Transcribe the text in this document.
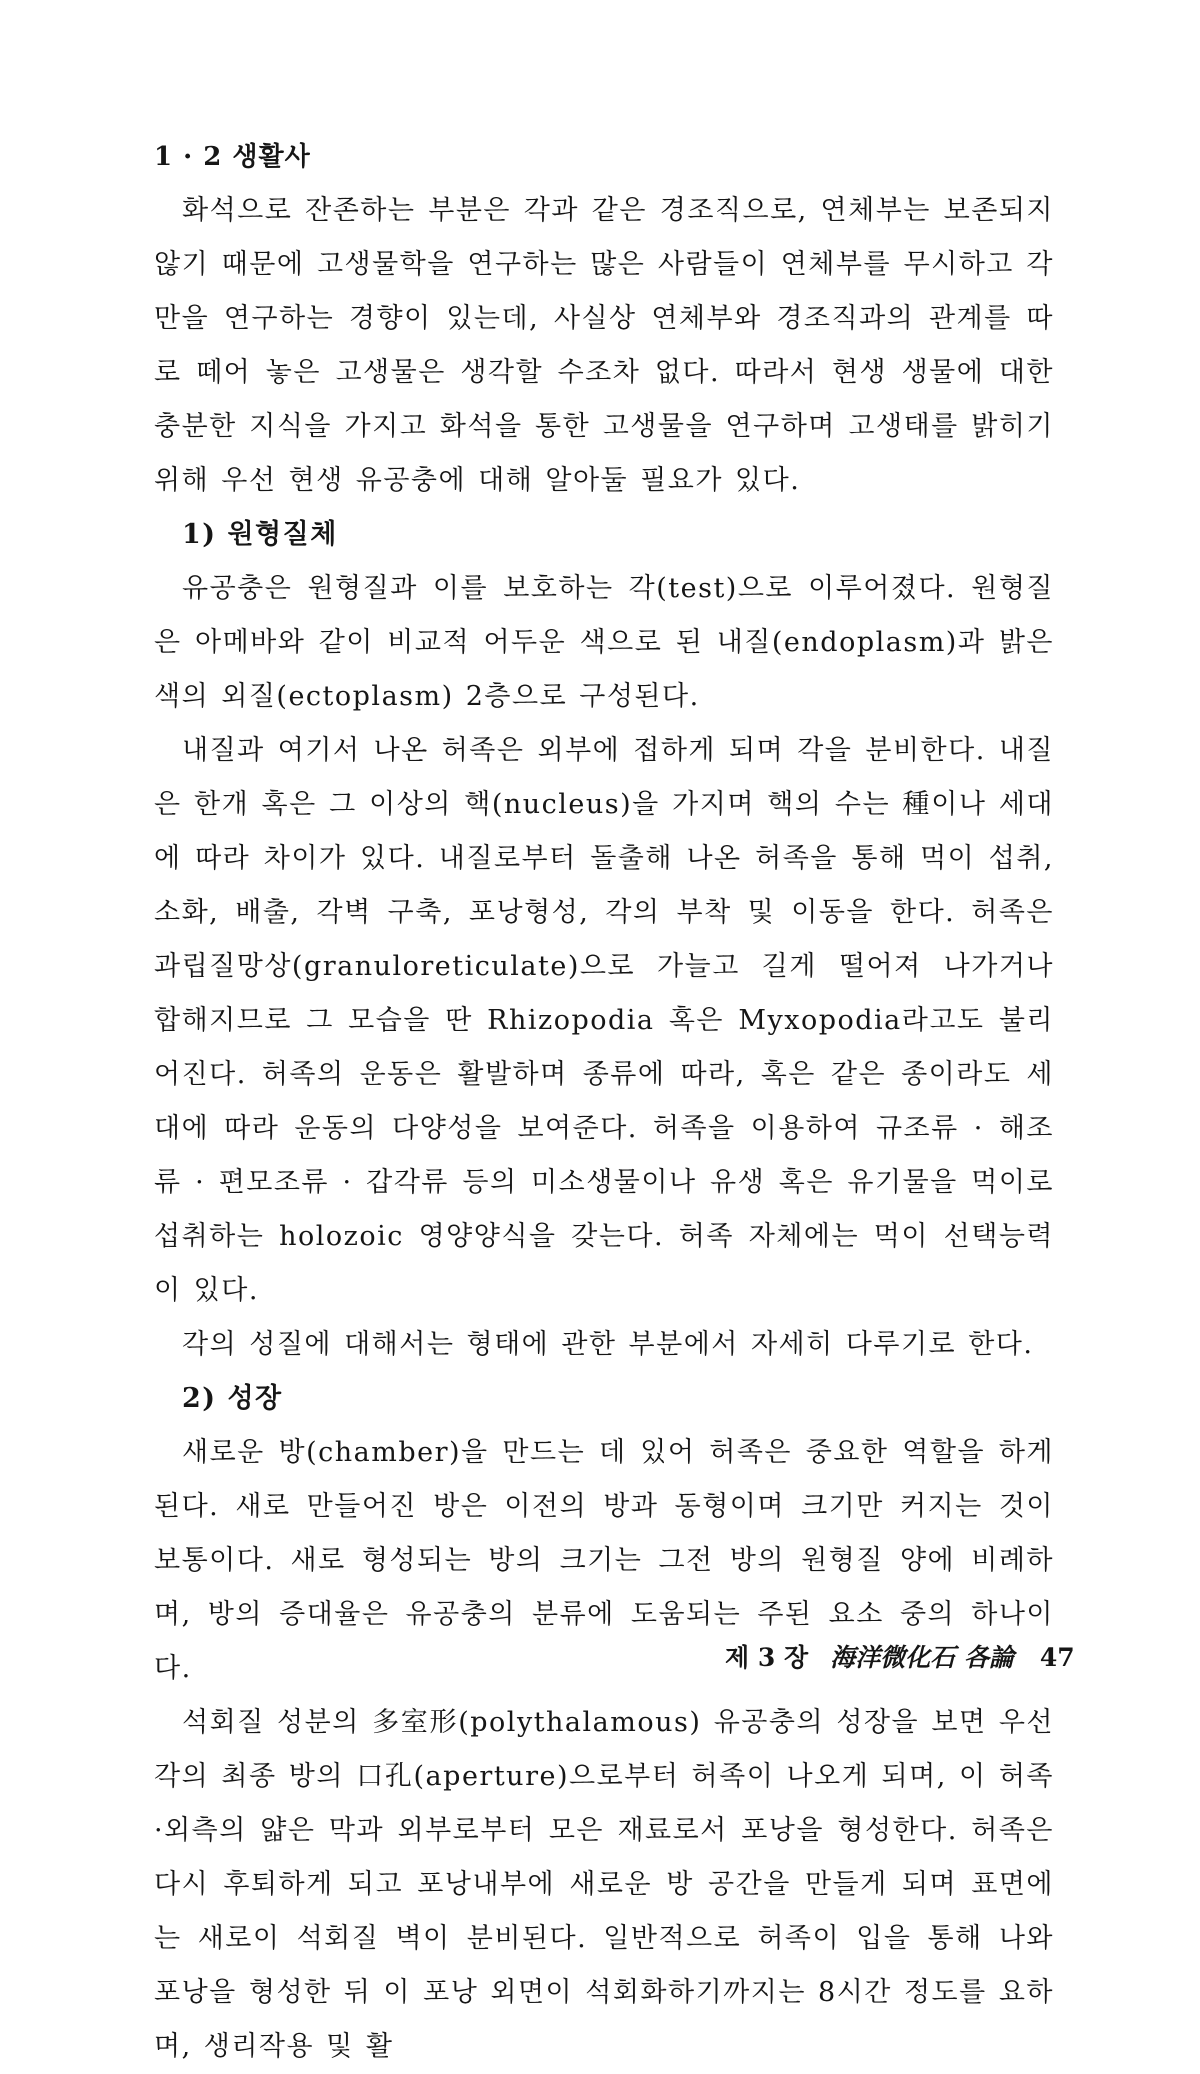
1 · 2 생활사

화석으로 잔존하는 부분은 각과 같은 경조직으로, 연체부는 보존되지 않기 때문에 고생물학을 연구하는 많은 사람들이 연체부를 무시하고 각만을 연구하는 경향이 있는데, 사실상 연체부와 경조직과의 관계를 따로 떼어 놓은 고생물은 생각할 수조차 없다. 따라서 현생 생물에 대한 충분한 지식을 가지고 화석을 통한 고생물을 연구하며 고생태를 밝히기 위해 우선 현생 유공충에 대해 알아둘 필요가 있다.

1) 원형질체

유공충은 원형질과 이를 보호하는 각(test)으로 이루어졌다. 원형질은 아메바와 같이 비교적 어두운 색으로 된 내질(endoplasm)과 밝은 색의 외질(ectoplasm) 2층으로 구성된다.

내질과 여기서 나온 허족은 외부에 접하게 되며 각을 분비한다. 내질은 한개 혹은 그 이상의 핵(nucleus)을 가지며 핵의 수는 種이나 세대에 따라 차이가 있다. 내질로부터 돌출해 나온 허족을 통해 먹이 섭취, 소화, 배출, 각벽 구축, 포낭형성, 각의 부착 및 이동을 한다. 허족은 과립질망상(granuloreticulate)으로 가늘고 길게 떨어져 나가거나 합해지므로 그 모습을 딴 Rhizopodia 혹은 Myxopodia라고도 불리어진다. 허족의 운동은 활발하며 종류에 따라, 혹은 같은 종이라도 세대에 따라 운동의 다양성을 보여준다. 허족을 이용하여 규조류 · 해조류 · 편모조류 · 갑각류 등의 미소생물이나 유생 혹은 유기물을 먹이로 섭취하는 holozoic 영양양식을 갖는다. 허족 자체에는 먹이 선택능력이 있다.

각의 성질에 대해서는 형태에 관한 부분에서 자세히 다루기로 한다.

2) 성장

새로운 방(chamber)을 만드는 데 있어 허족은 중요한 역할을 하게 된다. 새로 만들어진 방은 이전의 방과 동형이며 크기만 커지는 것이 보통이다. 새로 형성되는 방의 크기는 그전 방의 원형질 양에 비례하며, 방의 증대율은 유공충의 분류에 도움되는 주된 요소 중의 하나이다.

석회질 성분의 多室形(polythalamous) 유공충의 성장을 보면 우선 각의 최종 방의 口孔(aperture)으로부터 허족이 나오게 되며, 이 허족 ·외측의 얇은 막과 외부로부터 모은 재료로서 포낭을 형성한다. 허족은 다시 후퇴하게 되고 포낭내부에 새로운 방 공간을 만들게 되며 표면에는 새로이 석회질 벽이 분비된다. 일반적으로 허족이 입을 통해 나와 포낭을 형성한 뒤 이 포낭 외면이 석회화하기까지는 8시간 정도를 요하며, 생리작용 및 활

제 3 장 海洋微化石 各論 47
